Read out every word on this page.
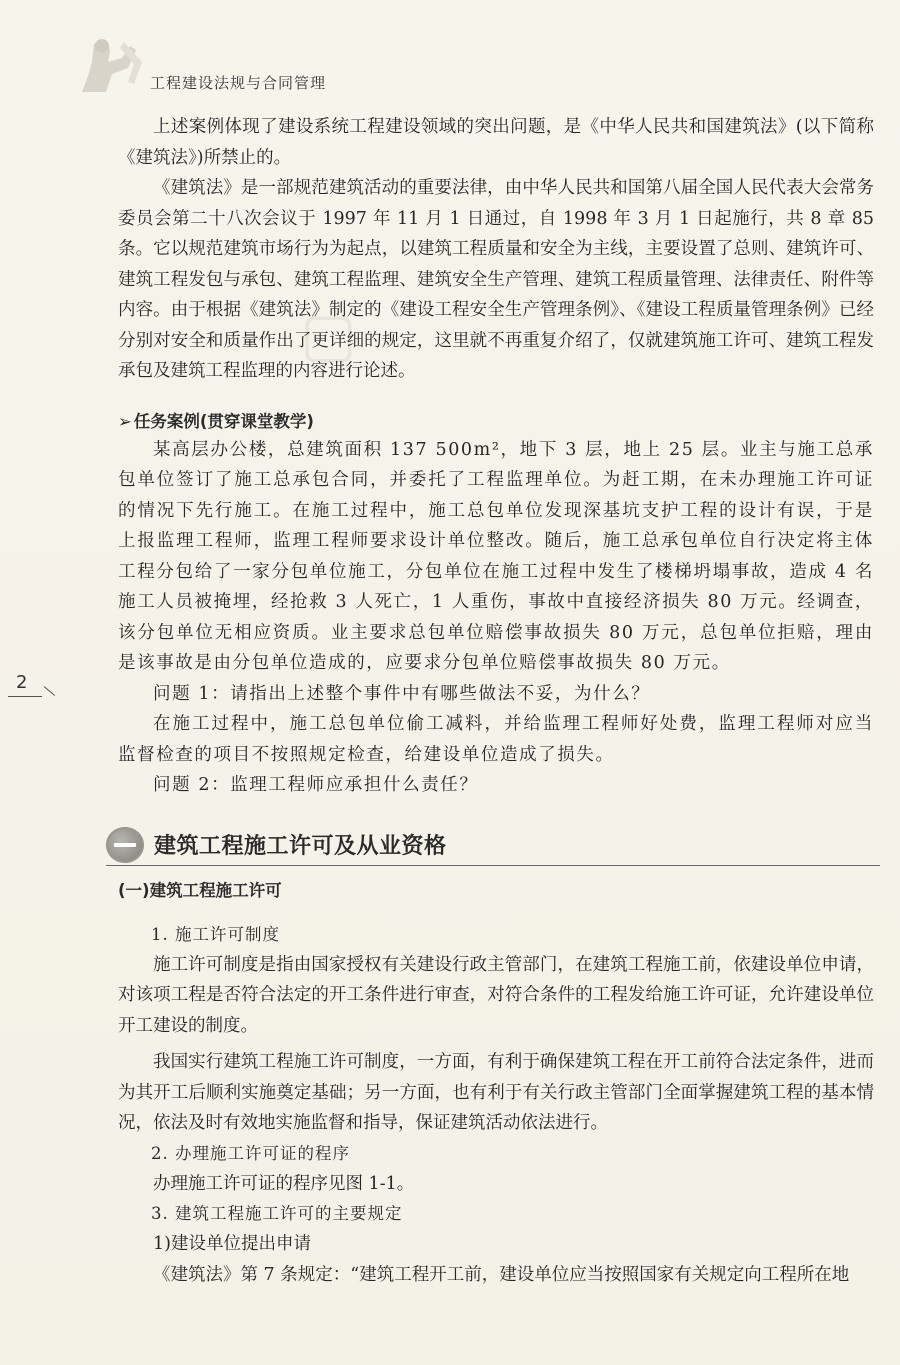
▢
工程建设法规与合同管理
2

上述案例体现了建设系统工程建设领域的突出问题，是《中华人民共和国建筑法》(以下简称《建筑法》)所禁止的。

《建筑法》是一部规范建筑活动的重要法律，由中华人民共和国第八届全国人民代表大会常务委员会第二十八次会议于 1997 年 11 月 1 日通过，自 1998 年 3 月 1 日起施行，共 8 章 85 条。它以规范建筑市场行为为起点，以建筑工程质量和安全为主线，主要设置了总则、建筑许可、建筑工程发包与承包、建筑工程监理、建筑安全生产管理、建筑工程质量管理、法律责任、附件等内容。由于根据《建筑法》制定的《建设工程安全生产管理条例》、《建设工程质量管理条例》已经分别对安全和质量作出了更详细的规定，这里就不再重复介绍了，仅就建筑施工许可、建筑工程发承包及建筑工程监理的内容进行论述。

➢ 任务案例(贯穿课堂教学)

某高层办公楼，总建筑面积 137 500m²，地下 3 层，地上 25 层。业主与施工总承包单位签订了施工总承包合同，并委托了工程监理单位。为赶工期，在未办理施工许可证的情况下先行施工。在施工过程中，施工总包单位发现深基坑支护工程的设计有误，于是上报监理工程师，监理工程师要求设计单位整改。随后，施工总承包单位自行决定将主体工程分包给了一家分包单位施工，分包单位在施工过程中发生了楼梯坍塌事故，造成 4 名施工人员被掩埋，经抢救 3 人死亡，1 人重伤，事故中直接经济损失 80 万元。经调查，该分包单位无相应资质。业主要求总包单位赔偿事故损失 80 万元，总包单位拒赔，理由是该事故是由分包单位造成的，应要求分包单位赔偿事故损失 80 万元。

问题 1：请指出上述整个事件中有哪些做法不妥，为什么？

在施工过程中，施工总包单位偷工减料，并给监理工程师好处费，监理工程师对应当监督检查的项目不按照规定检查，给建设单位造成了损失。

问题 2：监理工程师应承担什么责任？

建筑工程施工许可及从业资格
(一)建筑工程施工许可

1. 施工许可制度

施工许可制度是指由国家授权有关建设行政主管部门，在建筑工程施工前，依建设单位申请，对该项工程是否符合法定的开工条件进行审查，对符合条件的工程发给施工许可证，允许建设单位开工建设的制度。

我国实行建筑工程施工许可制度，一方面，有利于确保建筑工程在开工前符合法定条件，进而为其开工后顺利实施奠定基础；另一方面，也有利于有关行政主管部门全面掌握建筑工程的基本情况，依法及时有效地实施监督和指导，保证建筑活动依法进行。

2. 办理施工许可证的程序

办理施工许可证的程序见图 1-1。

3. 建筑工程施工许可的主要规定

1)建设单位提出申请

《建筑法》第 7 条规定：“建筑工程开工前，建设单位应当按照国家有关规定向工程所在地
